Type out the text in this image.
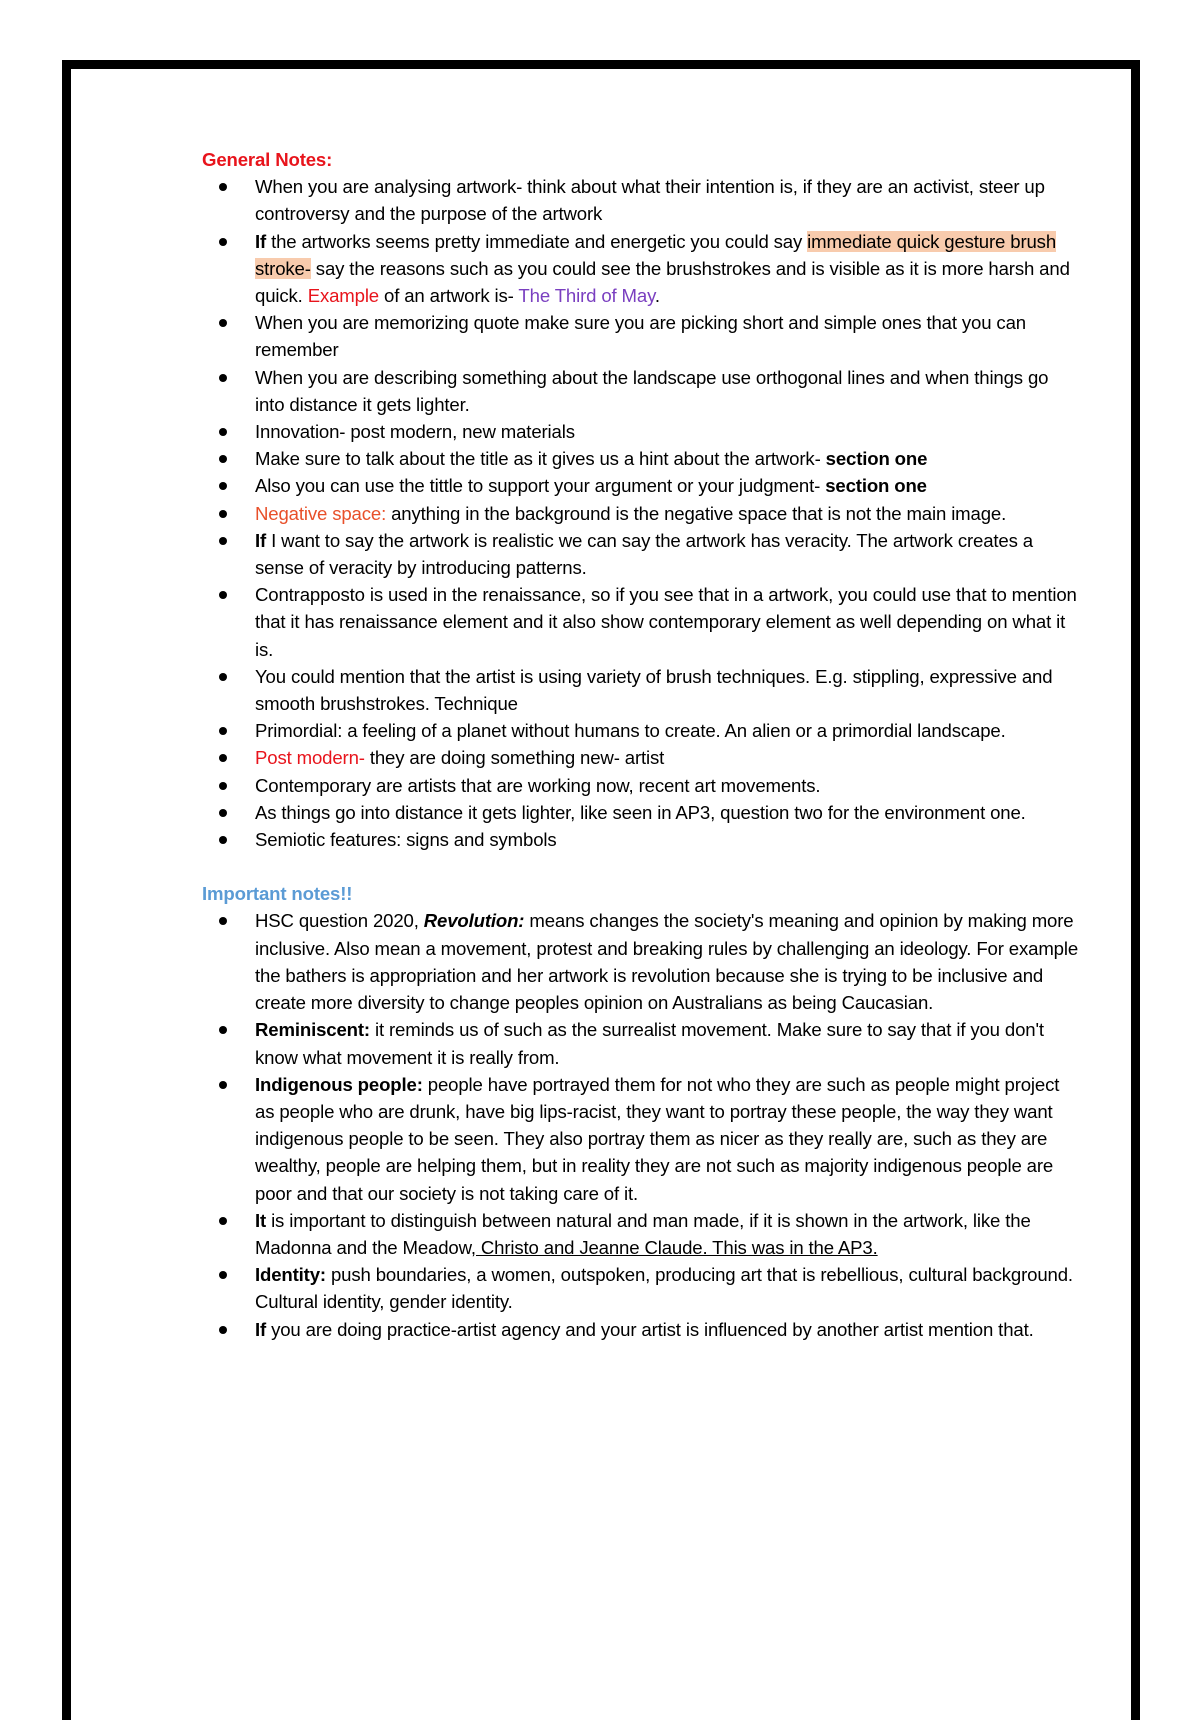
General Notes:

When you are analysing artwork- think about what their intention is, if they are an activist, steer up controversy and the purpose of the artwork
If the artworks seems pretty immediate and energetic you could say immediate quick gesture brush stroke- say the reasons such as you could see the brushstrokes and is visible as it is more harsh and quick. Example of an artwork is- The Third of May.
When you are memorizing quote make sure you are picking short and simple ones that you can remember
When you are describing something about the landscape use orthogonal lines and when things go into distance it gets lighter.
Innovation- post modern, new materials
Make sure to talk about the title as it gives us a hint about the artwork- section one
Also you can use the tittle to support your argument or your judgment- section one
Negative space: anything in the background is the negative space that is not the main image.
If I want to say the artwork is realistic we can say the artwork has veracity. The artwork creates a sense of veracity by introducing patterns.
Contrapposto is used in the renaissance, so if you see that in a artwork, you could use that to mention that it has renaissance element and it also show contemporary element as well depending on what it is.
You could mention that the artist is using variety of brush techniques. E.g. stippling, expressive and smooth brushstrokes. Technique
Primordial: a feeling of a planet without humans to create. An alien or a primordial landscape.
Post modern- they are doing something new- artist
Contemporary are artists that are working now, recent art movements.
As things go into distance it gets lighter, like seen in AP3, question two for the environment one.
Semiotic features: signs and symbols

Important notes!!

HSC question 2020, Revolution: means changes the society's meaning and opinion by making more inclusive. Also mean a movement, protest and breaking rules by challenging an ideology. For example the bathers is appropriation and her artwork is revolution because she is trying to be inclusive and create more diversity to change peoples opinion on Australians as being Caucasian.
Reminiscent: it reminds us of such as the surrealist movement. Make sure to say that if you don't know what movement it is really from.
Indigenous people: people have portrayed them for not who they are such as people might project as people who are drunk, have big lips-racist, they want to portray these people, the way they want indigenous people to be seen. They also portray them as nicer as they really are, such as they are wealthy, people are helping them, but in reality they are not such as majority indigenous people are poor and that our society is not taking care of it.
It is important to distinguish between natural and man made, if it is shown in the artwork, like the Madonna and the Meadow, Christo and Jeanne Claude. This was in the AP3.
Identity: push boundaries, a women, outspoken, producing art that is rebellious, cultural background. Cultural identity, gender identity.
If you are doing practice-artist agency and your artist is influenced by another artist mention that.
